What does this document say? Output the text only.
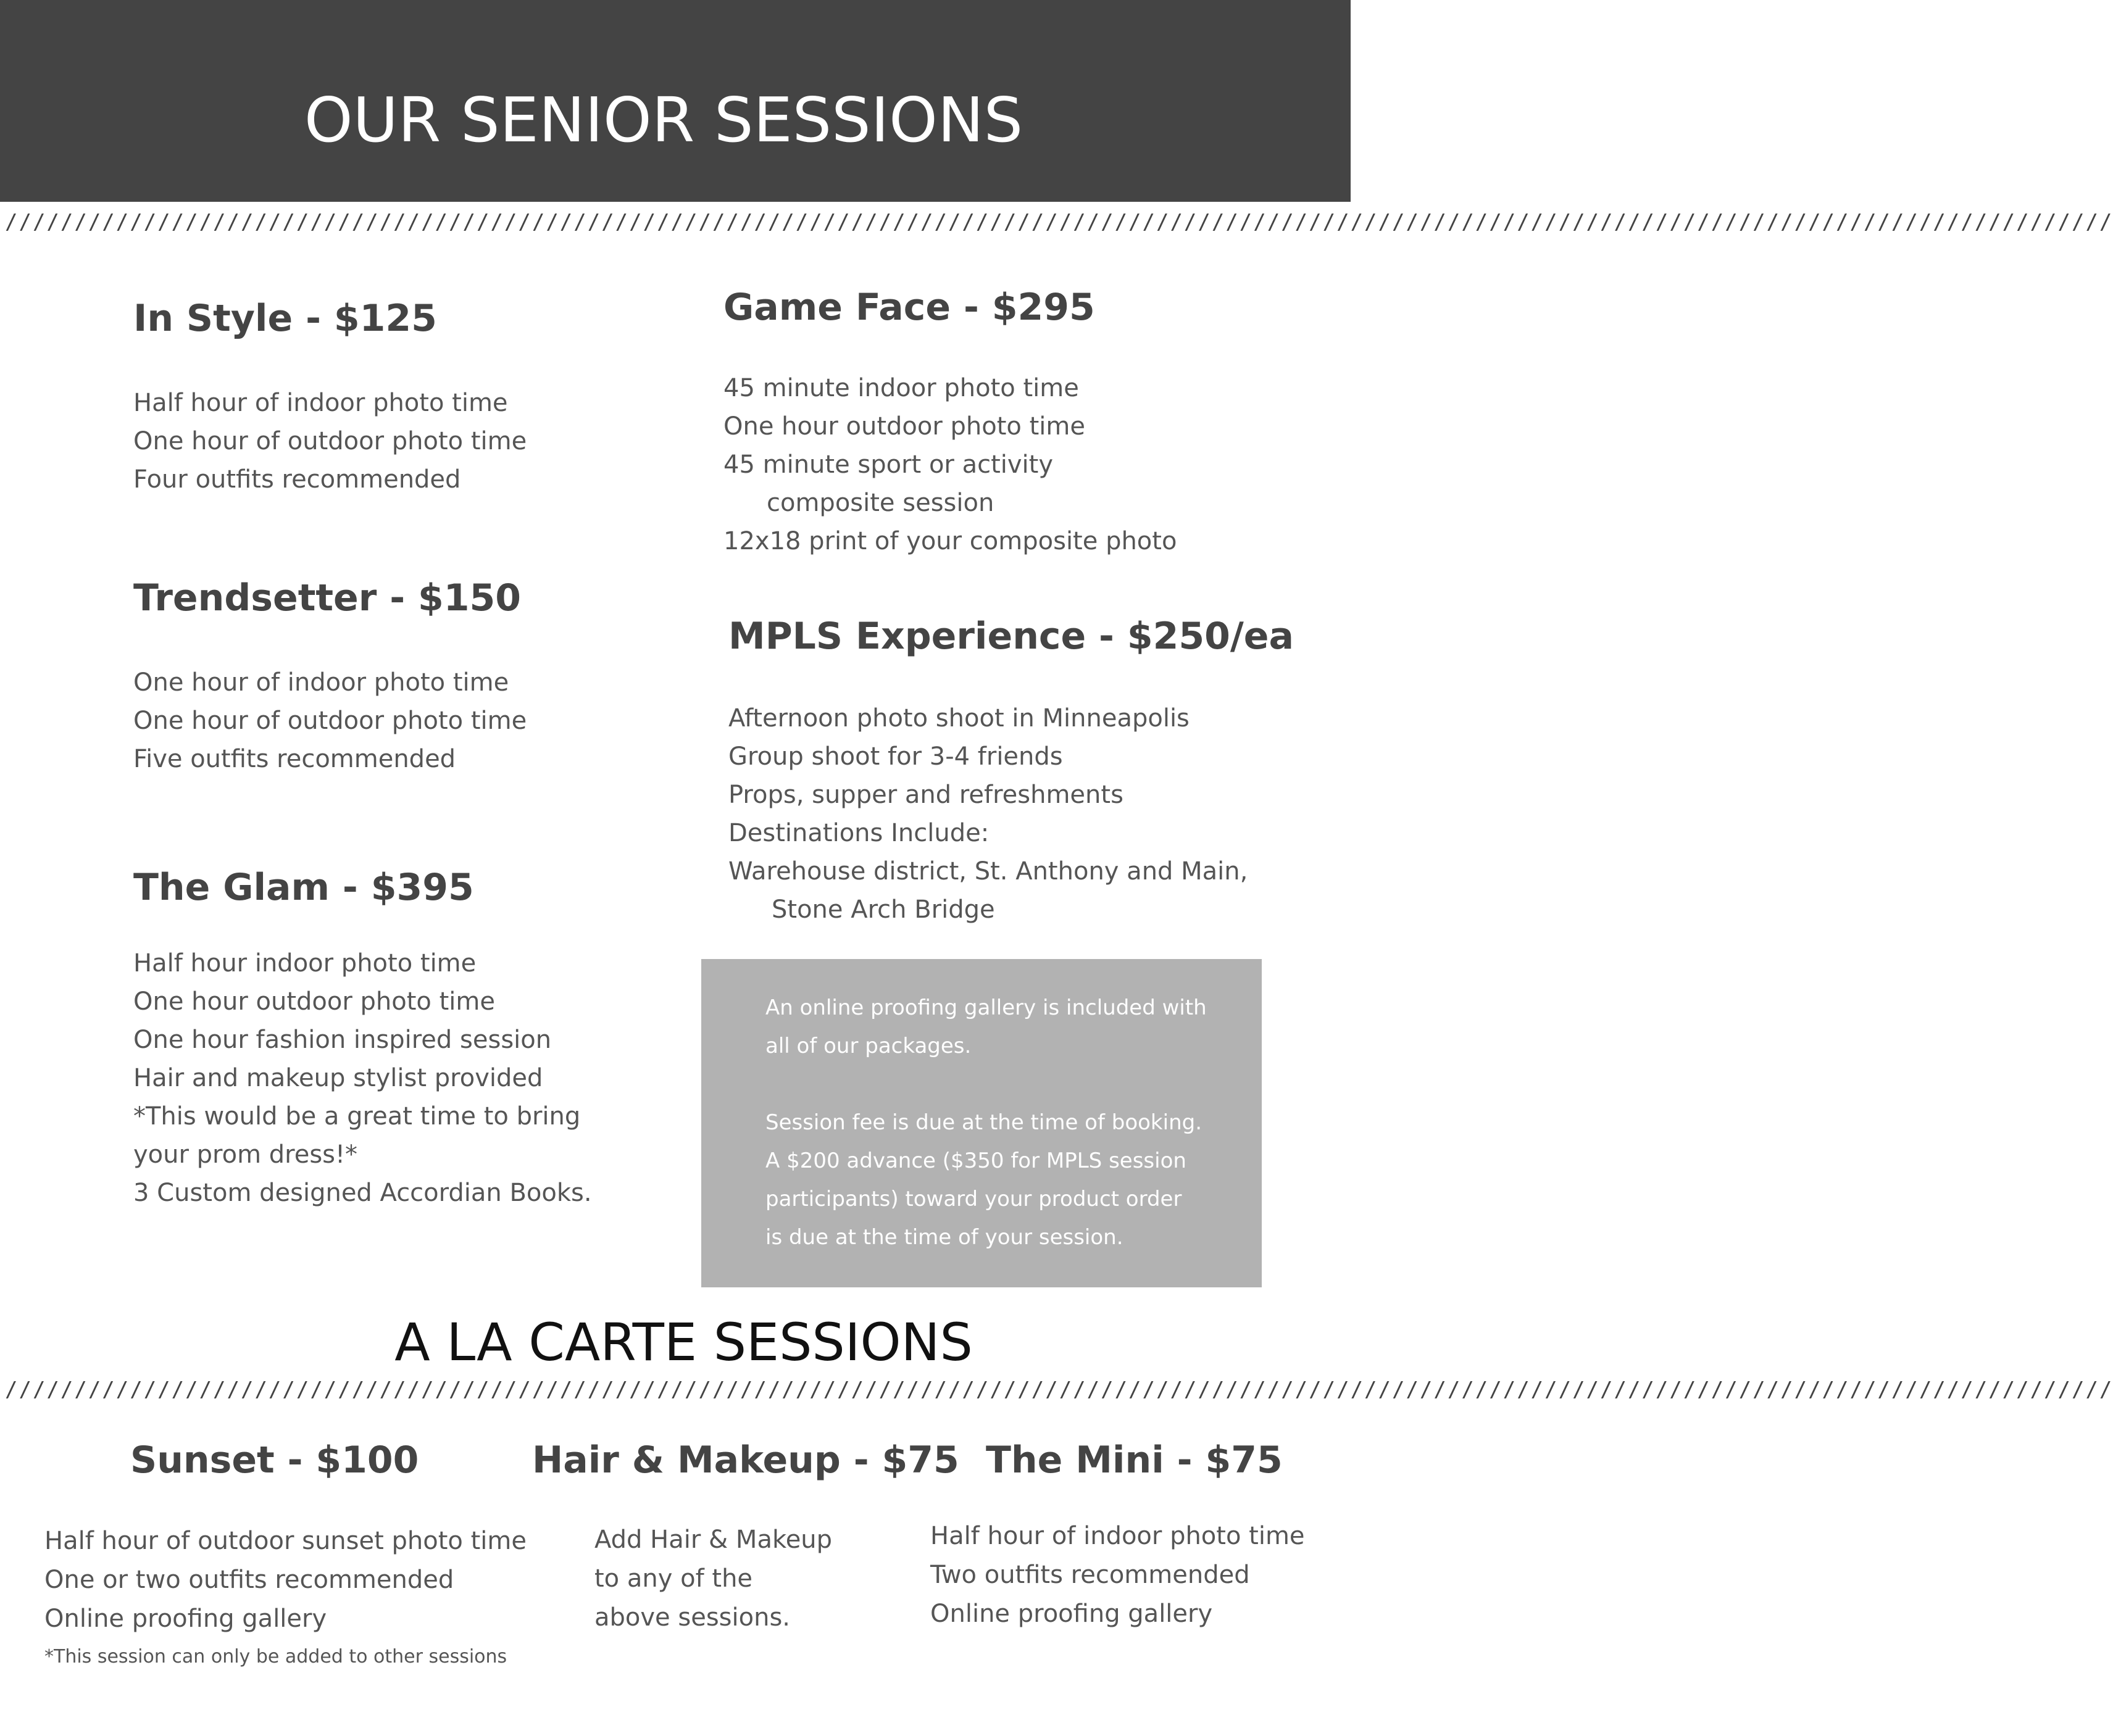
OUR SENIOR SESSIONS
////////////////////////////////////////////////////////////////////////////////////////////////////////////////////////////////////////////////////////
In Style - $125
Half hour of indoor photo time
One hour of outdoor photo time
Four outfits recommended
Trendsetter - $150
One hour of indoor photo time
One hour of outdoor photo time
Five outfits recommended
The Glam - $395
Half hour indoor photo time
One hour outdoor photo time
One hour fashion inspired session
Hair and makeup stylist provided
*This would be a great time to bring
your prom dress!*
3 Custom designed Accordian Books.
Game Face - $295
45 minute indoor photo time
One hour outdoor photo time
45 minute sport or activity
composite session
12x18 print of your composite photo
MPLS Experience - $250/ea
Afternoon photo shoot in Minneapolis
Group shoot for 3-4 friends
Props, supper and refreshments
Destinations Include:
Warehouse district, St. Anthony and Main,
Stone Arch Bridge
An online proofing gallery is included with
all of our packages.
Session fee is due at the time of booking.
A $200 advance ($350 for MPLS session
participants) toward your product order
is due at the time of your session.
A LA CARTE SESSIONS
////////////////////////////////////////////////////////////////////////////////////////////////////////////////////////////////////////////////////////
Sunset - $100	Hair & Makeup - $75 The Mini - $75
Half hour of outdoor sunset photo time
One or two outfits recommended
Online proofing gallery
Add Hair & Makeup
to any of the
above sessions.
Half hour of indoor photo time
Two outfits recommended
Online proofing gallery
*This session can only be added to other sessions
